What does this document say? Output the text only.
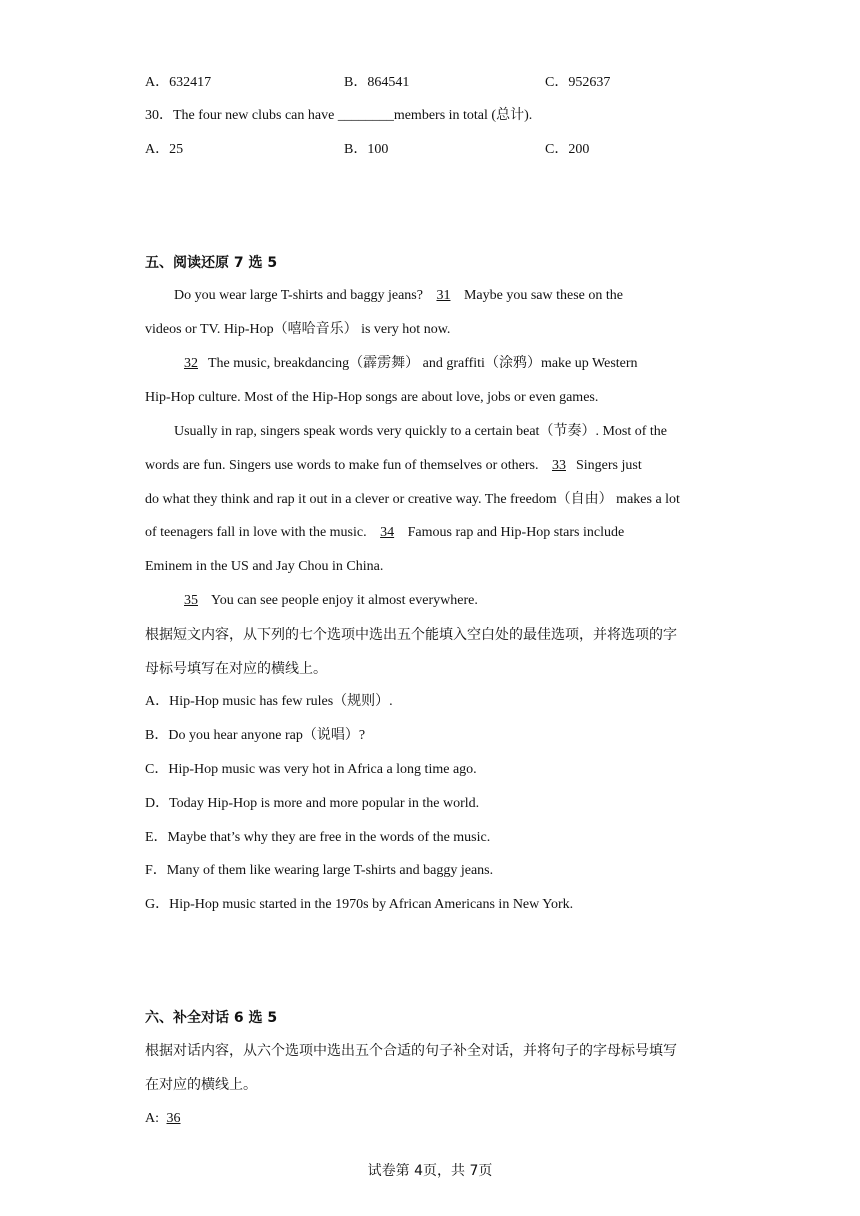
A．632417	B．864541	C．952637
30．The four new clubs can have ________members in total (总计).
A．25	B．100	C．200
五、阅读还原 7 选 5
Do you wear large T-shirts and baggy jeans? 31 Maybe you saw these on the
videos or TV. Hip-Hop（嘻哈音乐） is very hot now.
32 The music, breakdancing（霹雳舞） and graffiti（涂鸦）make up Western
Hip-Hop culture. Most of the Hip-Hop songs are about love, jobs or even games.
Usually in rap, singers speak words very quickly to a certain beat（节奏）. Most of the
words are fun. Singers use words to make fun of themselves or others. 33 Singers just
do what they think and rap it out in a clever or creative way. The freedom（自由） makes a lot
of teenagers fall in love with the music. 34 Famous rap and Hip-Hop stars include
Eminem in the US and Jay Chou in China.
35 You can see people enjoy it almost everywhere.
根据短文内容，从下列的七个选项中选出五个能填入空白处的最佳选项，并将选项的字
母标号填写在对应的横线上。
A．Hip-Hop music has few rules（规则）.
B．Do you hear anyone rap（说唱）?
C．Hip-Hop music was very hot in Africa a long time ago.
D．Today Hip-Hop is more and more popular in the world.
E．Maybe that’s why they are free in the words of the music.
F．Many of them like wearing large T-shirts and baggy jeans.
G．Hip-Hop music started in the 1970s by African Americans in New York.
六、补全对话 6 选 5
根据对话内容，从六个选项中选出五个合适的句子补全对话，并将句子的字母标号填写
在对应的横线上。
A: 36
试卷第 4页，共 7页
